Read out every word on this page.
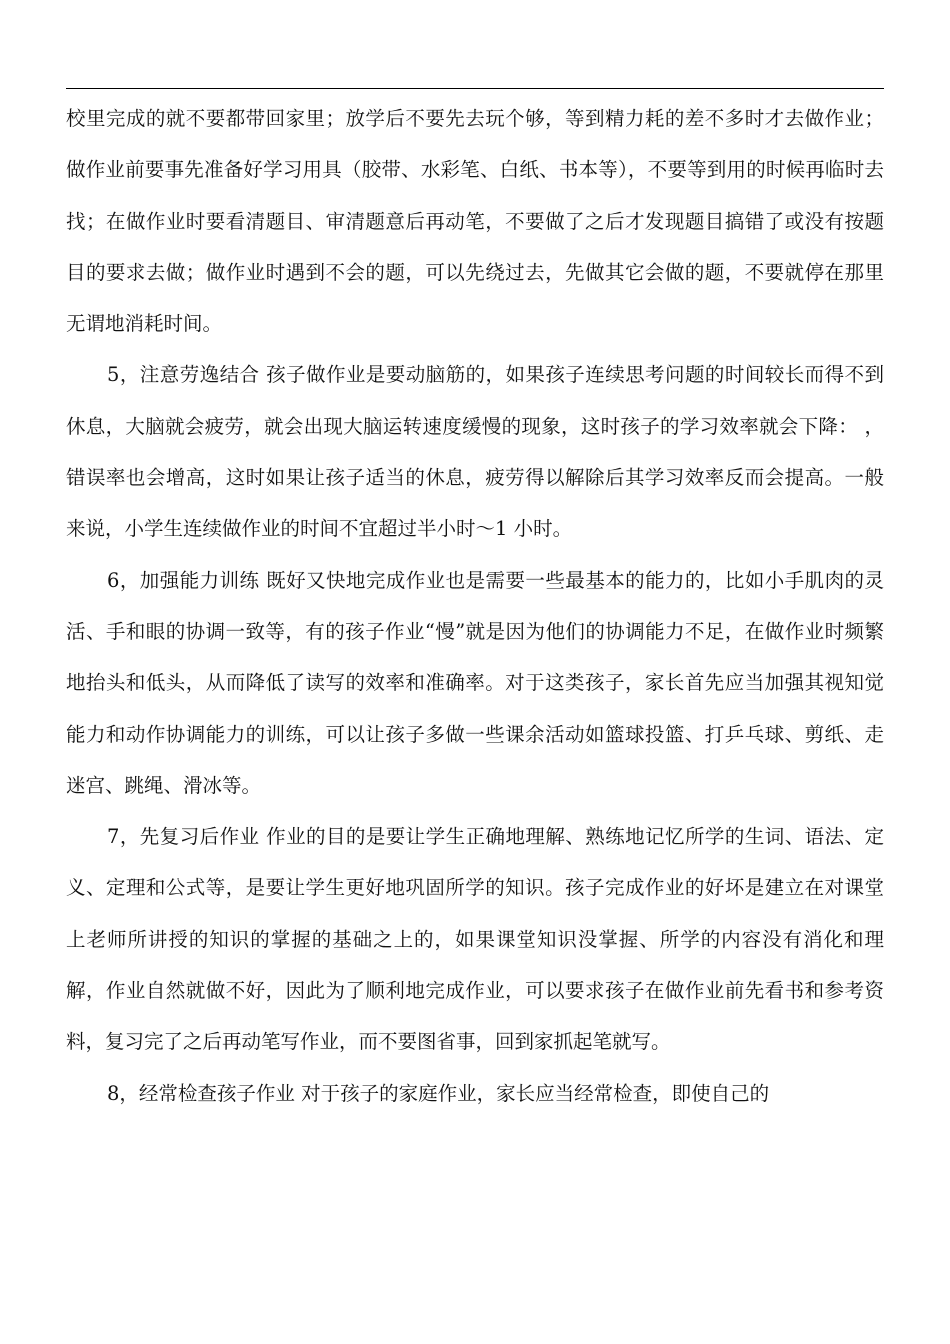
校里完成的就不要都带回家里；放学后不要先去玩个够，等到精力耗的差不多时才去做作业；做作业前要事先准备好学习用具（胶带、水彩笔、白纸、书本等），不要等到用的时候再临时去找；在做作业时要看清题目、审清题意后再动笔，不要做了之后才发现题目搞错了或没有按题目的要求去做；做作业时遇到不会的题，可以先绕过去，先做其它会做的题，不要就停在那里无谓地消耗时间。

5，注意劳逸结合 孩子做作业是要动脑筋的，如果孩子连续思考问题的时间较长而得不到休息，大脑就会疲劳，就会出现大脑运转速度缓慢的现象，这时孩子的学习效率就会下降： ，错误率也会增高，这时如果让孩子适当的休息，疲劳得以解除后其学习效率反而会提高。一般来说，小学生连续做作业的时间不宜超过半小时～1 小时。

6，加强能力训练 既好又快地完成作业也是需要一些最基本的能力的，比如小手肌肉的灵活、手和眼的协调一致等，有的孩子作业“慢”就是因为他们的协调能力不足，在做作业时频繁地抬头和低头，从而降低了读写的效率和准确率。对于这类孩子，家长首先应当加强其视知觉能力和动作协调能力的训练，可以让孩子多做一些课余活动如篮球投篮、打乒乓球、剪纸、走迷宫、跳绳、滑冰等。

7，先复习后作业 作业的目的是要让学生正确地理解、熟练地记忆所学的生词、语法、定义、定理和公式等，是要让学生更好地巩固所学的知识。孩子完成作业的好坏是建立在对课堂上老师所讲授的知识的掌握的基础之上的，如果课堂知识没掌握、所学的内容没有消化和理解，作业自然就做不好，因此为了顺利地完成作业，可以要求孩子在做作业前先看书和参考资料，复习完了之后再动笔写作业，而不要图省事，回到家抓起笔就写。

8，经常检查孩子作业 对于孩子的家庭作业，家长应当经常检查，即使自己的
